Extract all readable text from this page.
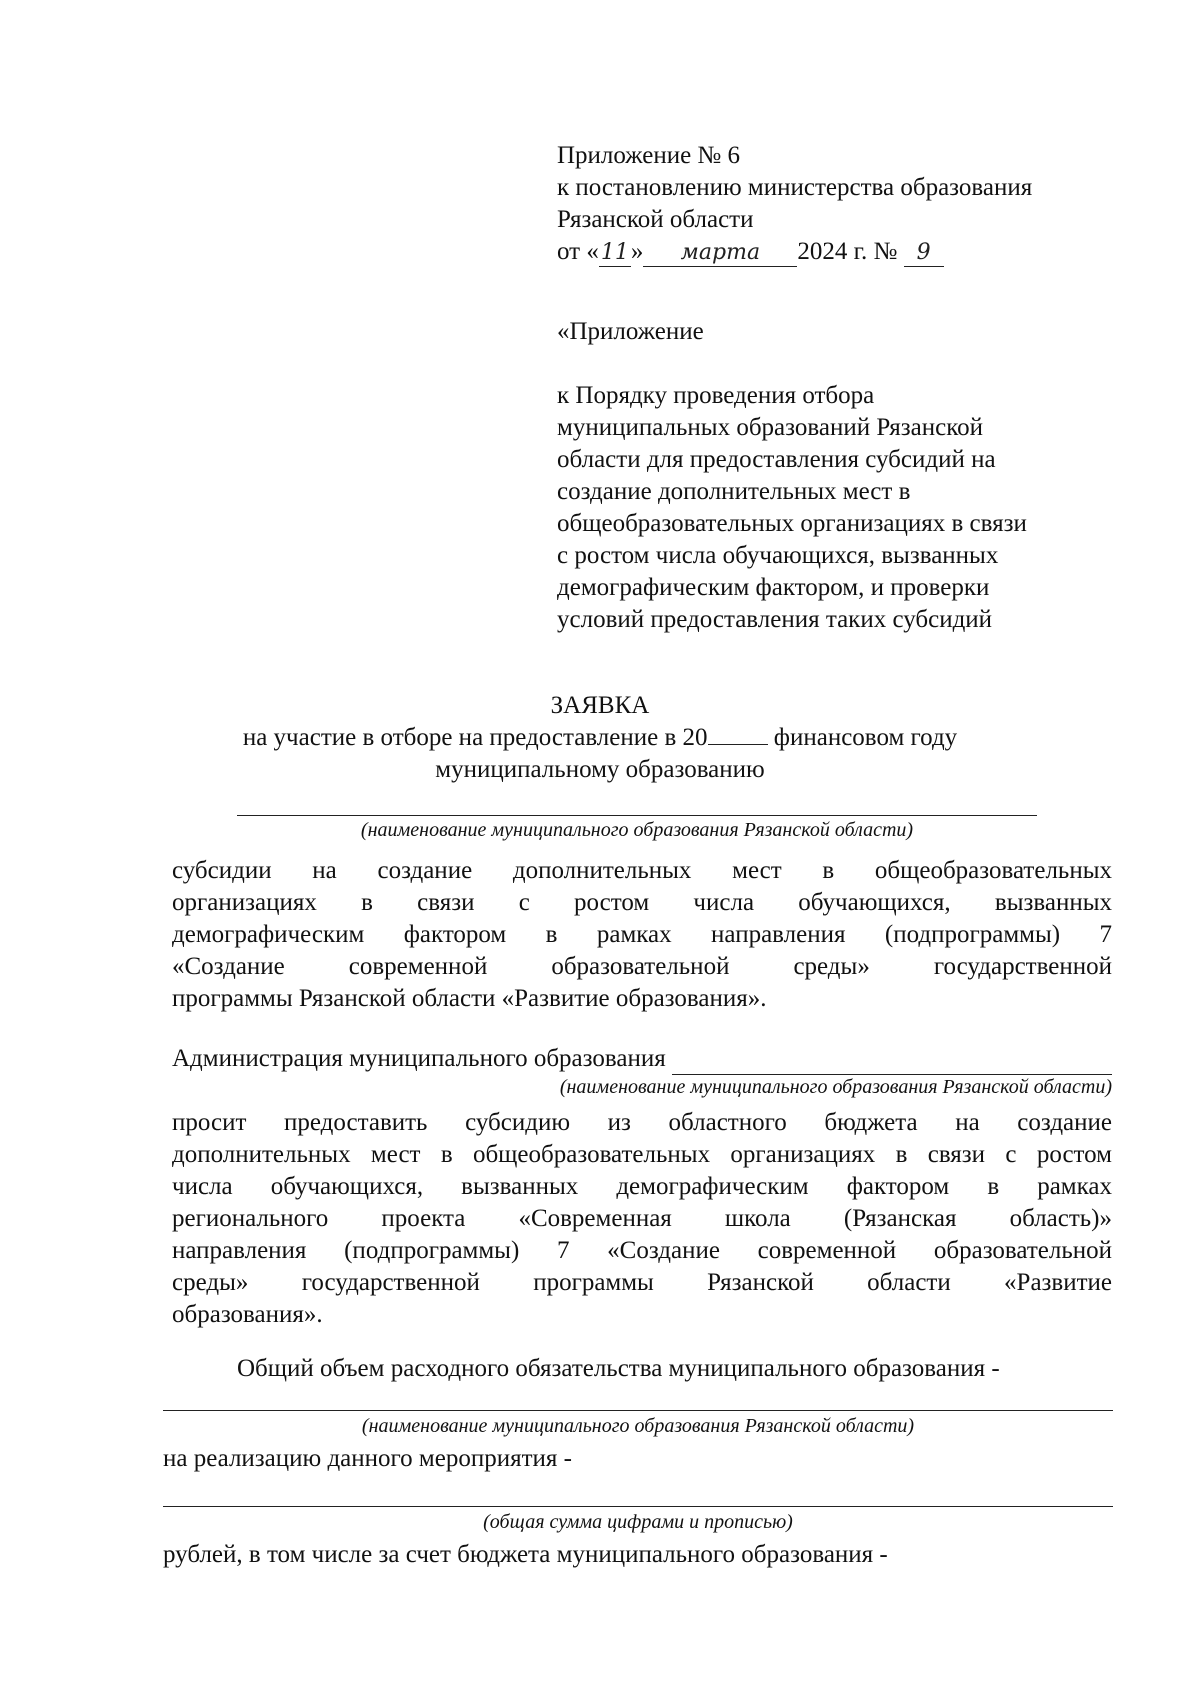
Приложение № 6
к постановлению министерства образования
Рязанской области
от «11» марта 2024 г. № 9
«Приложение
к Порядку проведения отбора
муниципальных образований Рязанской
области для предоставления субсидий на
создание дополнительных мест в
общеобразовательных организациях в связи
с ростом числа обучающихся, вызванных
демографическим фактором, и проверки
условий предоставления таких субсидий
ЗАЯВКА
на участие в отборе на предоставление в 20	финансовом году
муниципальному образованию
(наименование муниципального образования Рязанской области)
субсидии на создание дополнительных мест в общеобразовательных
организациях в связи с ростом числа обучающихся, вызванных
демографическим фактором в рамках направления (подпрограммы) 7
«Создание современной образовательной среды» государственной
программы Рязанской области «Развитие образования».
Администрация муниципального образования
(наименование муниципального образования Рязанской области)
просит предоставить субсидию из областного бюджета на создание
дополнительных мест в общеобразовательных организациях в связи с ростом
числа обучающихся, вызванных демографическим фактором в рамках
регионального проекта «Современная школа (Рязанская область)»
направления (подпрограммы) 7 «Создание современной образовательной
среды» государственной программы Рязанской области «Развитие
образования».
Общий объем расходного обязательства муниципального образования -
(наименование муниципального образования Рязанской области)
на реализацию данного мероприятия -
(общая сумма цифрами и прописью)
рублей, в том числе за счет бюджета муниципального образования -
